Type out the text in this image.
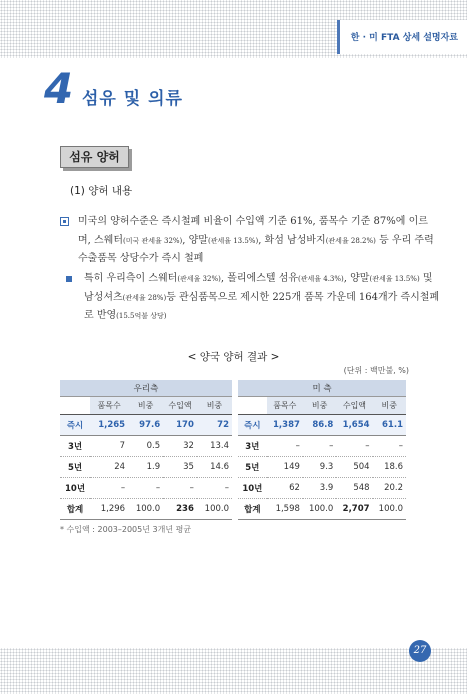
한 · 미 FTA 상세 설명자료
4 섬유 및 의류
섬유 양허
(1) 양허 내용
미국의 양허수준은 즉시철폐 비율이 수입액 기준 61%, 품목수 기준 87%에 이르며, 스웨터(미국 관세율 32%), 양말(관세율 13.5%), 화섬 남성바지(관세율 28.2%) 등 우리 주력수출품목 상당수가 즉시 철폐
특히 우리측이 스웨터(관세율 32%), 폴리에스텔 섬유(관세율 4.3%), 양말(관세율 13.5%) 및 남성셔츠(관세율 28%)등 관심품목으로 제시한 225개 품목 가운데 164개가 즉시철폐로 반영(15.5억불 상당)
< 양국 양허 결과 >
(단위 : 백만불, %)
우리측				
	품목수	비중	수입액	비중
즉시	1,265	97.6	170	72
3년	7	0.5	32	13.4
5년	24	1.9	35	14.6
10년	–	–	–	–
합계	1,296	100.0	236	100.0
미 측				
	품목수	비중	수입액	비중
즉시	1,387	86.8	1,654	61.1
3년	–	–	–	–
5년	149	9.3	504	18.6
10년	62	3.9	548	20.2
합계	1,598	100.0	2,707	100.0
* 수입액 : 2003–2005년 3개년 평균
27
